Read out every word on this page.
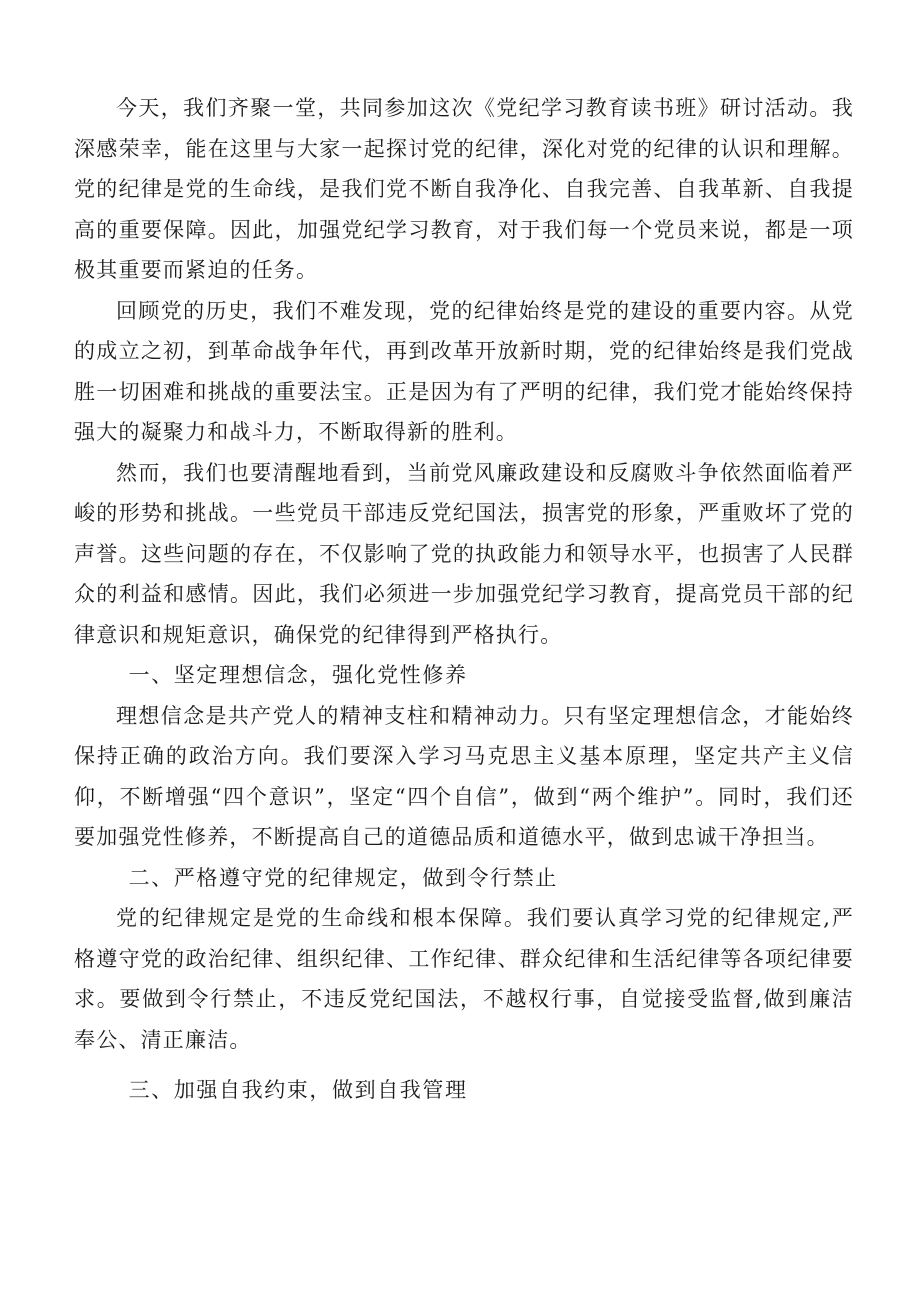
今天，我们齐聚一堂，共同参加这次《党纪学习教育读书班》研讨活动。我深感荣幸，能在这里与大家一起探讨党的纪律，深化对党的纪律的认识和理解。党的纪律是党的生命线，是我们党不断自我净化、自我完善、自我革新、自我提高的重要保障。因此，加强党纪学习教育，对于我们每一个党员来说，都是一项极其重要而紧迫的任务。

回顾党的历史，我们不难发现，党的纪律始终是党的建设的重要内容。从党的成立之初，到革命战争年代，再到改革开放新时期，党的纪律始终是我们党战胜一切困难和挑战的重要法宝。正是因为有了严明的纪律，我们党才能始终保持强大的凝聚力和战斗力，不断取得新的胜利。

然而，我们也要清醒地看到，当前党风廉政建设和反腐败斗争依然面临着严峻的形势和挑战。一些党员干部违反党纪国法，损害党的形象，严重败坏了党的声誉。这些问题的存在，不仅影响了党的执政能力和领导水平，也损害了人民群众的利益和感情。因此，我们必须进一步加强党纪学习教育，提高党员干部的纪律意识和规矩意识，确保党的纪律得到严格执行。

一、坚定理想信念，强化党性修养

理想信念是共产党人的精神支柱和精神动力。只有坚定理想信念，才能始终保持正确的政治方向。我们要深入学习马克思主义基本原理，坚定共产主义信仰，不断增强“四个意识”，坚定“四个自信”，做到“两个维护”。同时，我们还要加强党性修养，不断提高自己的道德品质和道德水平，做到忠诚干净担当。

二、严格遵守党的纪律规定，做到令行禁止

党的纪律规定是党的生命线和根本保障。我们要认真学习党的纪律规定,严格遵守党的政治纪律、组织纪律、工作纪律、群众纪律和生活纪律等各项纪律要求。要做到令行禁止，不违反党纪国法，不越权行事，自觉接受监督,做到廉洁奉公、清正廉洁。

三、加强自我约束，做到自我管理
